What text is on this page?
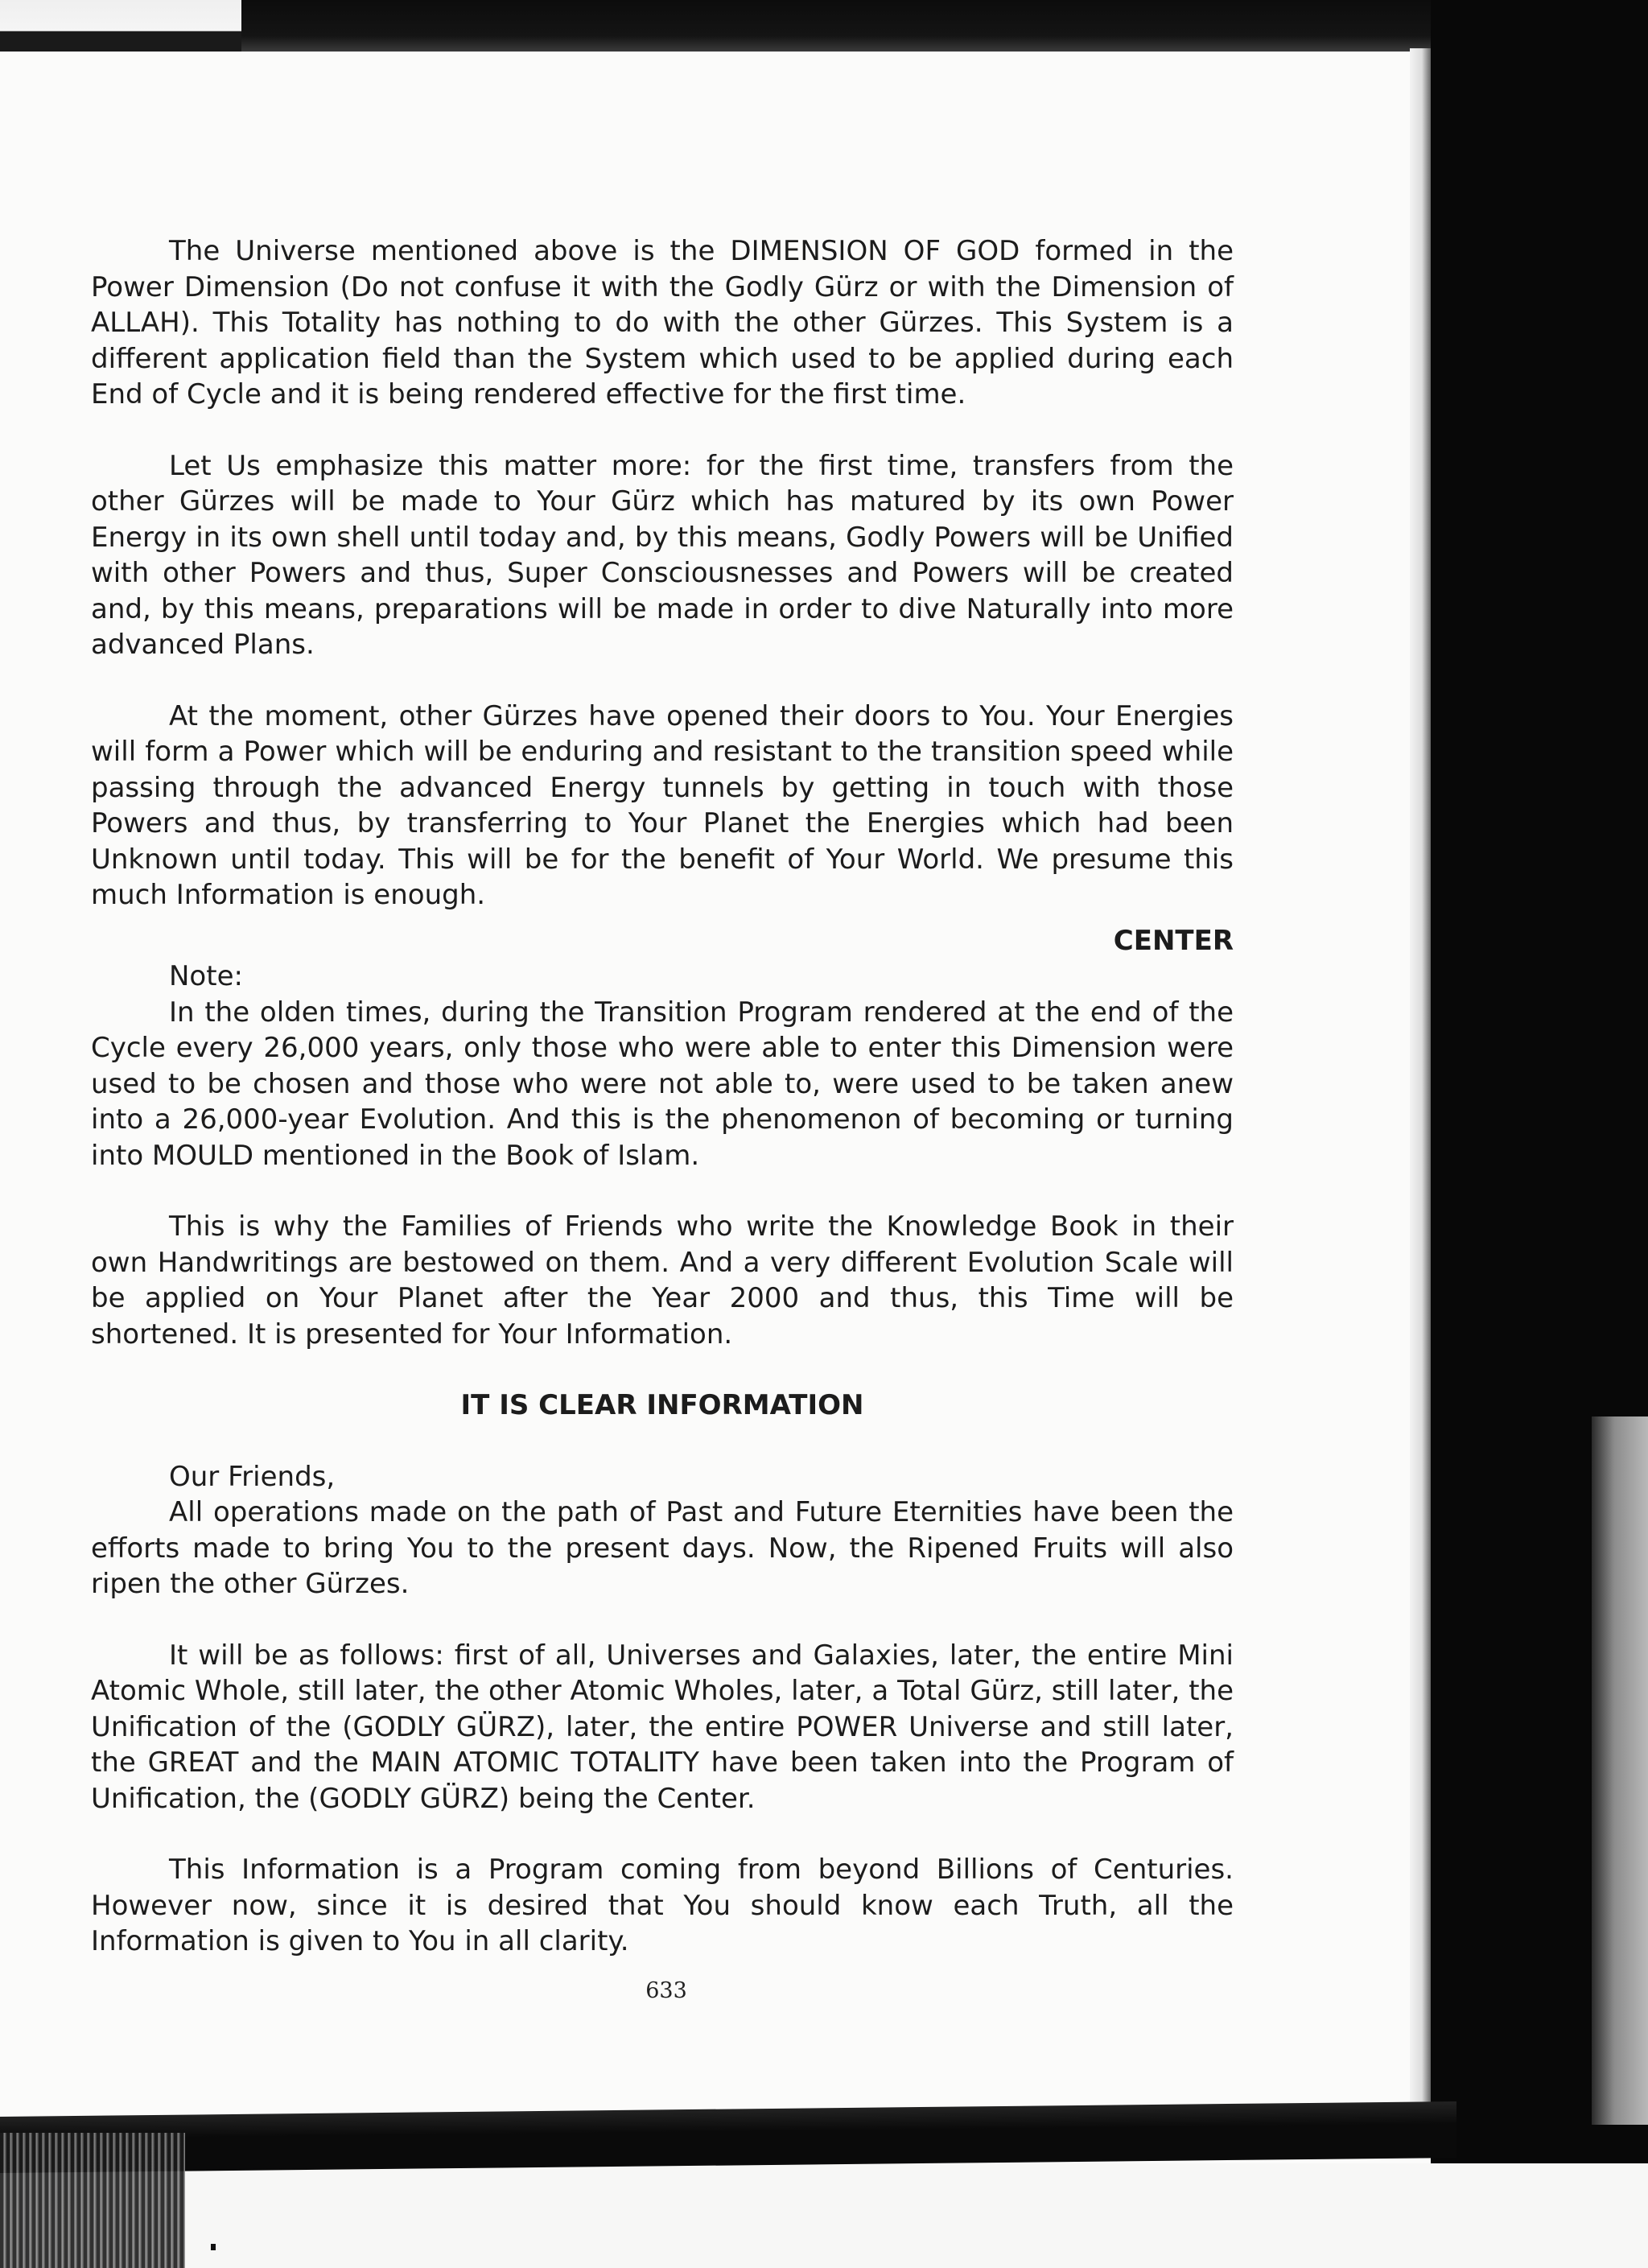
The Universe mentioned above is the DIMENSION OF GOD formed in the Power Dimension (Do not confuse it with the Godly Gürz or with the Dimension of ALLAH). This Totality has nothing to do with the other Gürzes. This System is a different application field than the System which used to be applied during each End of Cycle and it is being rendered effective for the first time.

Let Us emphasize this matter more: for the first time, transfers from the other Gürzes will be made to Your Gürz which has matured by its own Power Energy in its own shell until today and, by this means, Godly Powers will be Unified with other Powers and thus, Super Consciousnesses and Powers will be created and, by this means, preparations will be made in order to dive Naturally into more advanced Plans.

At the moment, other Gürzes have opened their doors to You. Your Energies will form a Power which will be enduring and resistant to the transition speed while passing through the advanced Energy tunnels by getting in touch with those Powers and thus, by transferring to Your Planet the Energies which had been Unknown until today. This will be for the benefit of Your World. We presume this much Information is enough.

CENTER

Note:

In the olden times, during the Transition Program rendered at the end of the Cycle every 26,000 years, only those who were able to enter this Dimension were used to be chosen and those who were not able to, were used to be taken anew into a 26,000-year Evolution. And this is the phenomenon of becoming or turning into MOULD mentioned in the Book of Islam.

This is why the Families of Friends who write the Knowledge Book in their own Handwritings are bestowed on them. And a very different Evolution Scale will be applied on Your Planet after the Year 2000 and thus, this Time will be shortened. It is presented for Your Information.

IT IS CLEAR INFORMATION

Our Friends,

All operations made on the path of Past and Future Eternities have been the efforts made to bring You to the present days. Now, the Ripened Fruits will also ripen the other Gürzes.

It will be as follows: first of all, Universes and Galaxies, later, the entire Mini Atomic Whole, still later, the other Atomic Wholes, later, a Total Gürz, still later, the Unification of the (GODLY GÜRZ), later, the entire POWER Universe and still later, the GREAT and the MAIN ATOMIC TOTALITY have been taken into the Program of Unification, the (GODLY GÜRZ) being the Center.

This Information is a Program coming from beyond Billions of Centuries. However now, since it is desired that You should know each Truth, all the Information is given to You in all clarity.

633
